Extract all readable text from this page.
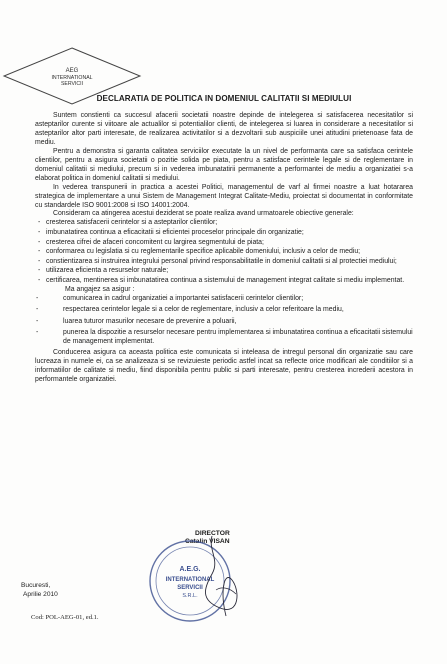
AEG
INTERNATIONAL
SERVICII
DECLARATIA DE POLITICA IN DOMENIUL CALITATII SI MEDIULUI

Suntem constienti ca succesul afacerii societatii noastre depinde de intelegerea si satisfacerea necesitatilor si asteptarilor curente si viitoare ale actualilor si potentialilor clienti, de intelegerea si luarea in considerare a necesitatilor si asteptarilor altor parti interesate, de realizarea activitatilor si a dezvoltarii sub auspiciile unei atitudini prietenoase fata de mediu.

Pentru a demonstra si garanta calitatea serviciilor executate la un nivel de performanta care sa satisfaca cerintele clientilor, pentru a asigura societatii o pozitie solida pe piata, pentru a satisface cerintele legale si de reglementare in domeniul calitatii si mediului, precum si in vederea imbunatatirii permanente a performantei de mediu a organizatiei s-a elaborat politica in domeniul calitatii si mediului.

In vederea transpunerii in practica a acestei Politici, managementul de varf al firmei noastre a luat hotararea strategica de implementare a unui Sistem de Management Integrat Calitate-Mediu, proiectat si documentat in conformitate cu standardele ISO 9001:2008 si ISO 14001:2004.

Consideram ca atingerea acestui deziderat se poate realiza avand urmatoarele obiective generale:

- cresterea satisfacerii cerintelor si a asteptarilor clientilor;
- imbunatatirea continua a eficacitatii si eficientei proceselor principale din organizatie;
- cresterea cifrei de afaceri concomitent cu largirea segmentului de piata;
- conformarea cu legislatia si cu reglementarile specifice aplicabile domeniului, inclusiv a celor de mediu;
- constientizarea si instruirea integrului personal privind responsabilitatile in domeniul calitatii si al protectiei mediului;
- utilizarea eficienta a resurselor naturale;
- certificarea, mentinerea si imbunatatirea continua a sistemului de management integrat calitate si mediu implementat.

Ma angajez sa asigur :

- comunicarea in cadrul organizatiei a importantei satisfacerii cerintelor clientilor;
- respectarea cerintelor legale si a celor de reglementare, inclusiv a celor referitoare la mediu,
- luarea tuturor masurilor necesare de prevenire a poluarii,
- punerea la dispozitie a resurselor necesare pentru implementarea si imbunatatirea continua a eficacitatii sistemului de management implementat.

Conducerea asigura ca aceasta politica este comunicata si inteleasa de intregul personal din organizatie sau care lucreaza in numele ei, ca se analizeaza si se revizuieste periodic astfel incat sa reflecte orice modificari ale conditiilor si a informatiilor de calitate si mediu, fiind disponibila pentru public si parti interesate, pentru cresterea increderii acestora in performantele organizatiei.

DIRECTOR
Catalin VISAN
A.E.G.
INTERNATIONAL
SERVICII
S.R.L.
Bucuresti,
Aprilie 2010
Cod: POL-AEG-01, ed.1.
